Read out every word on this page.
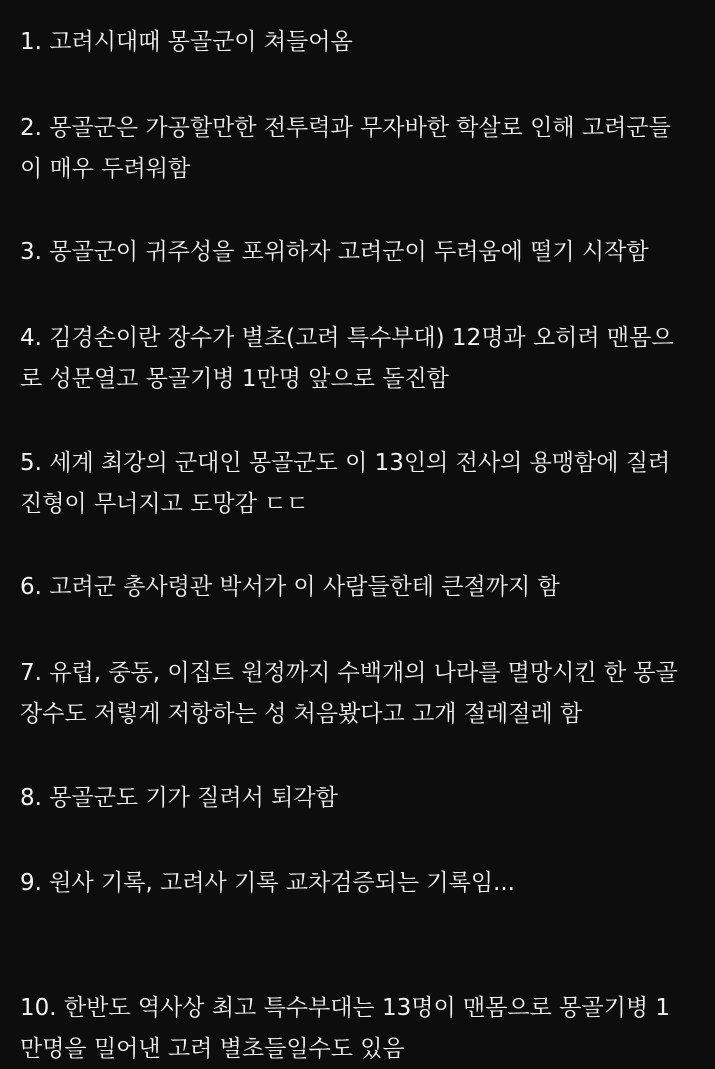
1. 고려시대때 몽골군이 쳐들어옴

2. 몽골군은 가공할만한 전투력과 무자바한 학살로 인해 고려군들
이 매우 두려워함

3. 몽골군이 귀주성을 포위하자 고려군이 두려움에 떨기 시작함

4. 김경손이란 장수가 별초(고려 특수부대) 12명과 오히려 맨몸으
로 성문열고 몽골기병 1만명 앞으로 돌진함

5. 세계 최강의 군대인 몽골군도 이 13인의 전사의 용맹함에 질려
진형이 무너지고 도망감 ㄷㄷ

6. 고려군 총사령관 박서가 이 사람들한테 큰절까지 함

7. 유럽, 중동, 이집트 원정까지 수백개의 나라를 멸망시킨 한 몽골
장수도 저렇게 저항하는 성 처음봤다고 고개 절레절레 함

8. 몽골군도 기가 질려서 퇴각함

9. 원사 기록, 고려사 기록 교차검증되는 기록임...

10. 한반도 역사상 최고 특수부대는 13명이 맨몸으로 몽골기병 1
만명을 밀어낸 고려 별초들일수도 있음
